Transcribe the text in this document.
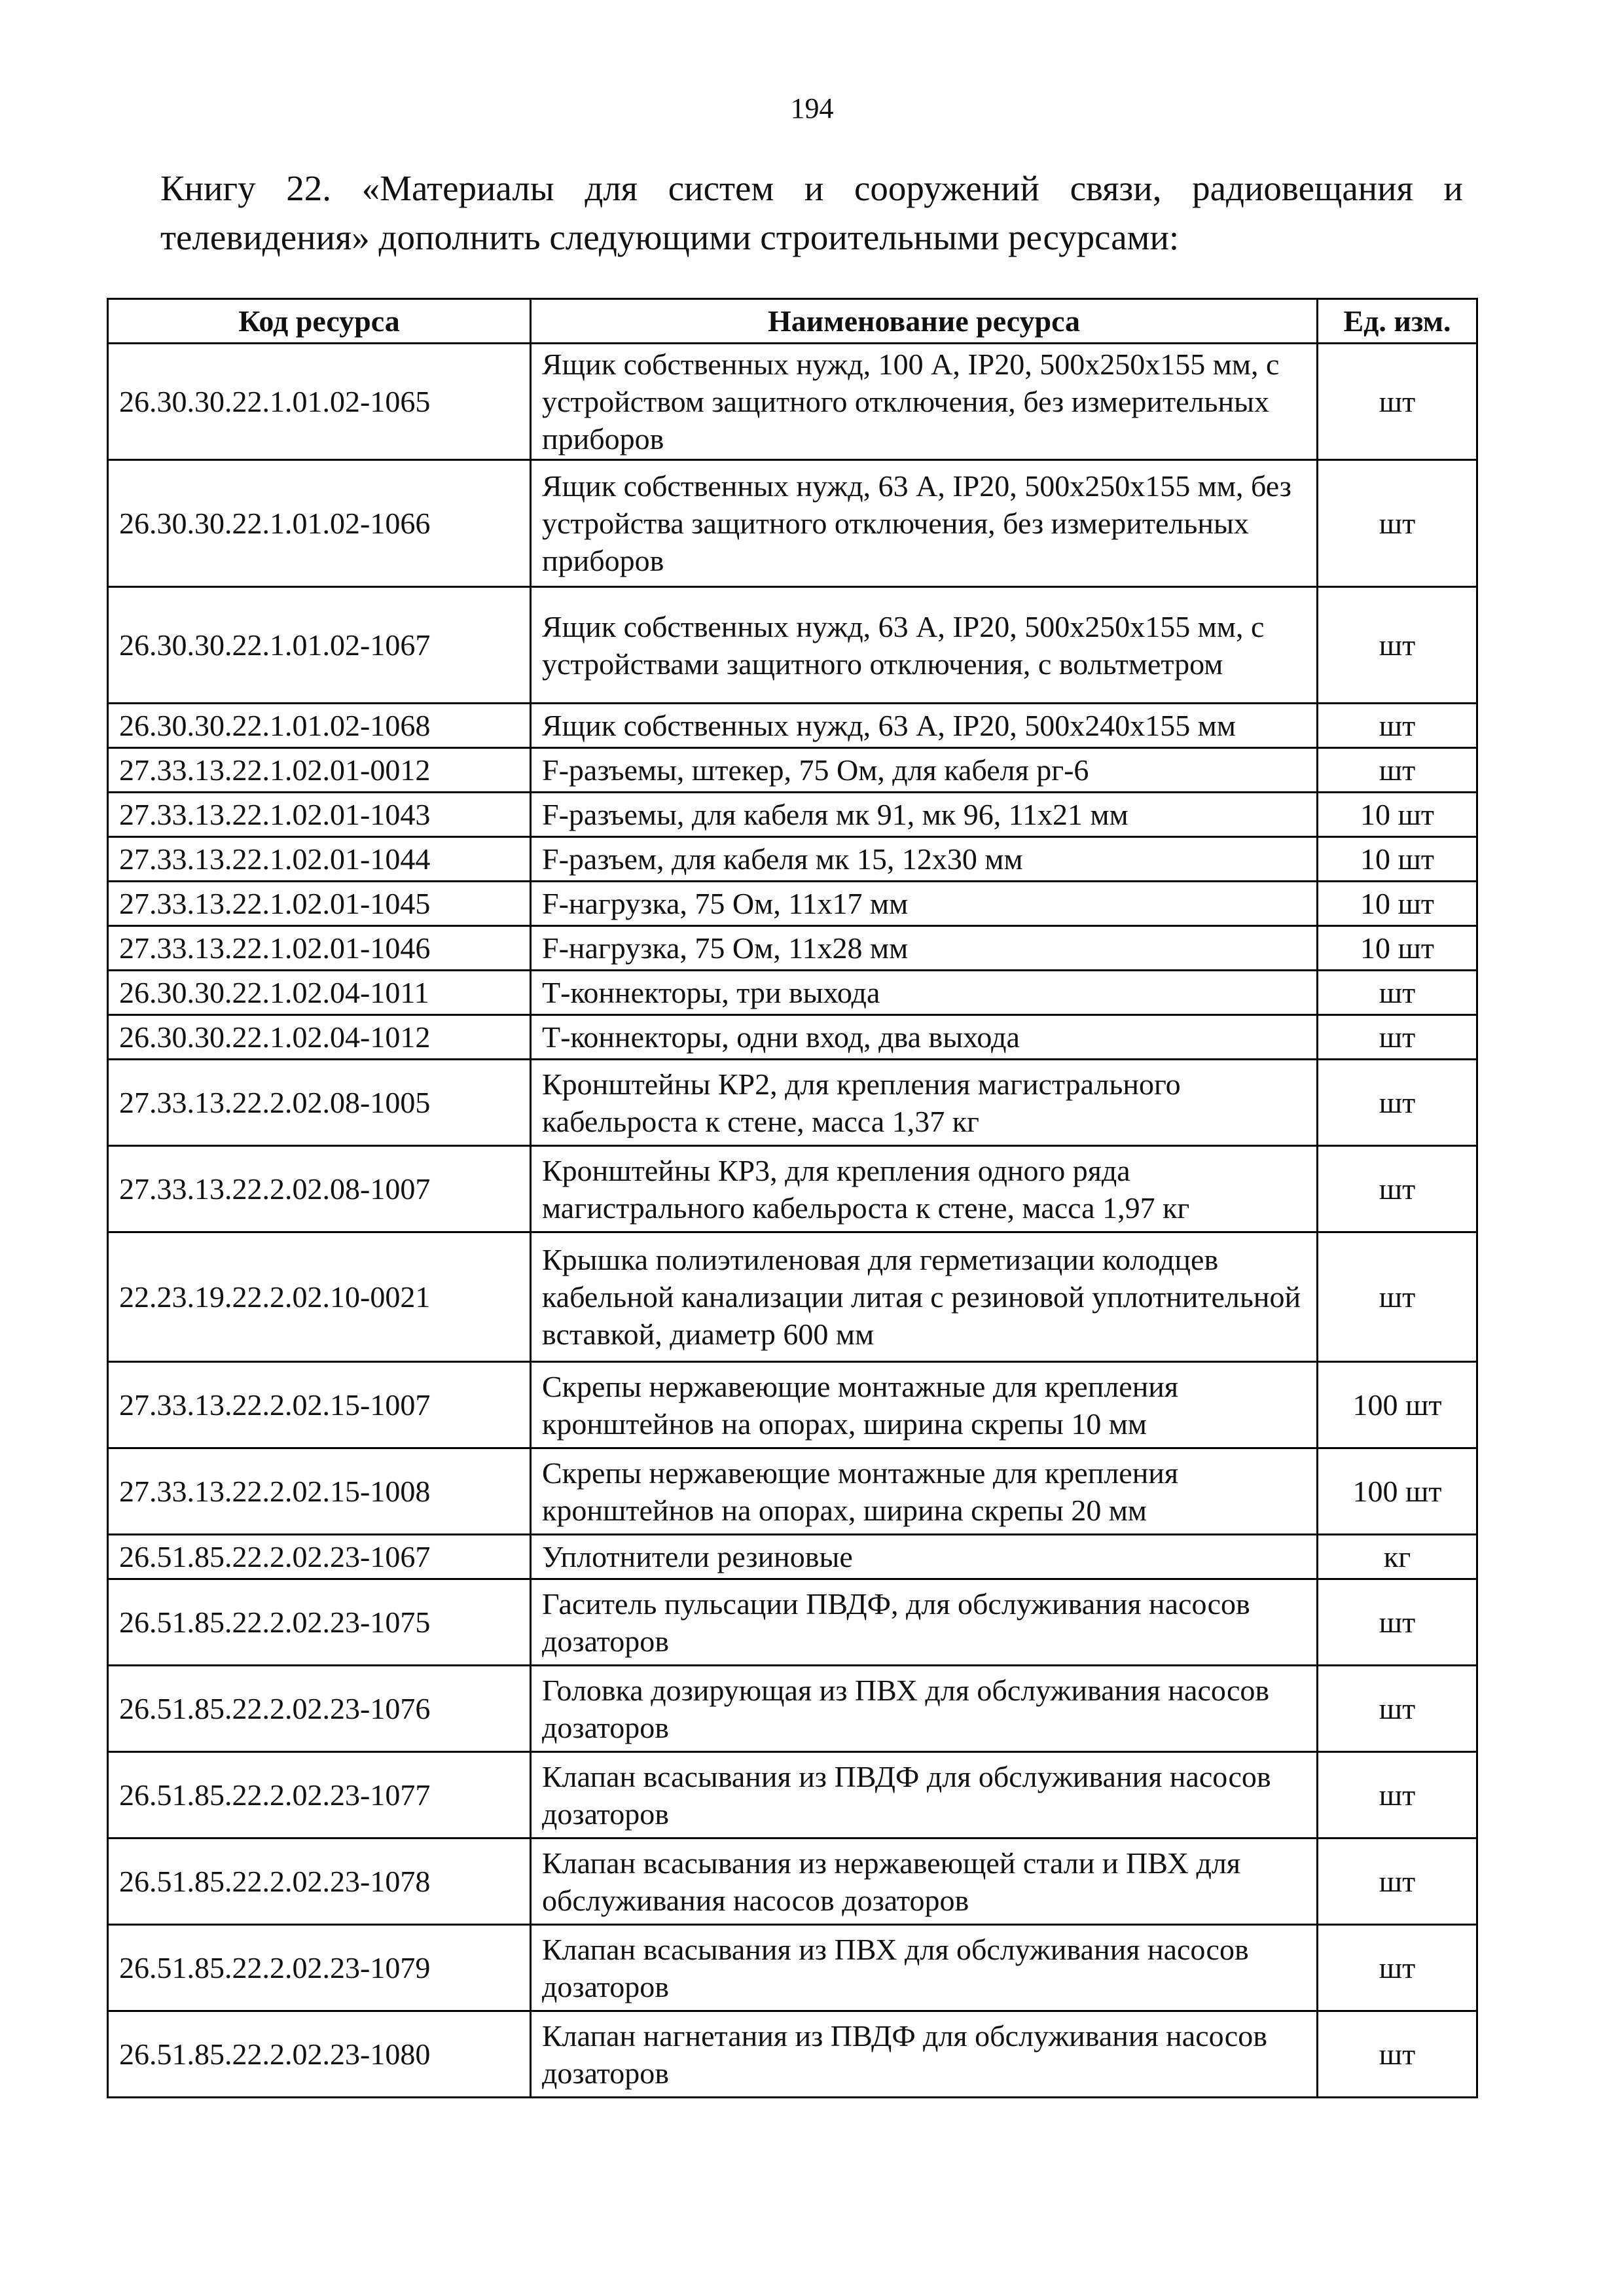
194
Книгу 22. «Материалы для систем и сооружений связи, радиовещания и телевидения» дополнить следующими строительными ресурсами:
Код ресурса	Наименование ресурса	Ед. изм.
26.30.30.22.1.01.02-1065	Ящик собственных нужд, 100 А, IP20, 500х250х155 мм, с устройством защитного отключения, без измерительных приборов	шт
26.30.30.22.1.01.02-1066	Ящик собственных нужд, 63 А, IP20, 500х250х155 мм, без устройства защитного отключения, без измерительных приборов	шт
26.30.30.22.1.01.02-1067	Ящик собственных нужд, 63 А, IP20, 500х250х155 мм, с устройствами защитного отключения, с вольтметром	шт
26.30.30.22.1.01.02-1068	Ящик собственных нужд, 63 А, IP20, 500х240х155 мм	шт
27.33.13.22.1.02.01-0012	F-разъемы, штекер, 75 Ом, для кабеля рг-6	шт
27.33.13.22.1.02.01-1043	F-разъемы, для кабеля мк 91, мк 96, 11х21 мм	10 шт
27.33.13.22.1.02.01-1044	F-разъем, для кабеля мк 15, 12х30 мм	10 шт
27.33.13.22.1.02.01-1045	F-нагрузка, 75 Ом, 11х17 мм	10 шт
27.33.13.22.1.02.01-1046	F-нагрузка, 75 Ом, 11х28 мм	10 шт
26.30.30.22.1.02.04-1011	Т-коннекторы, три выхода	шт
26.30.30.22.1.02.04-1012	Т-коннекторы, одни вход, два выхода	шт
27.33.13.22.2.02.08-1005	Кронштейны КР2, для крепления магистрального кабельроста к стене, масса 1,37 кг	шт
27.33.13.22.2.02.08-1007	Кронштейны КР3, для крепления одного ряда магистрального кабельроста к стене, масса 1,97 кг	шт
22.23.19.22.2.02.10-0021	Крышка полиэтиленовая для герметизации колодцев кабельной канализации литая с резиновой уплотнительной вставкой, диаметр 600 мм	шт
27.33.13.22.2.02.15-1007	Скрепы нержавеющие монтажные для крепления кронштейнов на опорах, ширина скрепы 10 мм	100 шт
27.33.13.22.2.02.15-1008	Скрепы нержавеющие монтажные для крепления кронштейнов на опорах, ширина скрепы 20 мм	100 шт
26.51.85.22.2.02.23-1067	Уплотнители резиновые	кг
26.51.85.22.2.02.23-1075	Гаситель пульсации ПВДФ, для обслуживания насосов дозаторов	шт
26.51.85.22.2.02.23-1076	Головка дозирующая из ПВХ для обслуживания насосов дозаторов	шт
26.51.85.22.2.02.23-1077	Клапан всасывания из ПВДФ для обслуживания насосов дозаторов	шт
26.51.85.22.2.02.23-1078	Клапан всасывания из нержавеющей стали и ПВХ для обслуживания насосов дозаторов	шт
26.51.85.22.2.02.23-1079	Клапан всасывания из ПВХ для обслуживания насосов дозаторов	шт
26.51.85.22.2.02.23-1080	Клапан нагнетания из ПВДФ для обслуживания насосов дозаторов	шт
